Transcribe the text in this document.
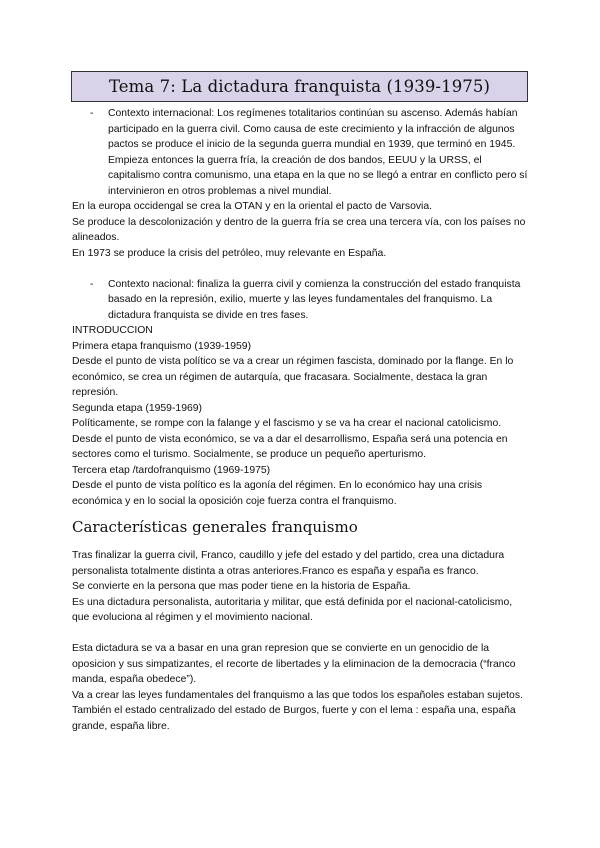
Tema 7: La dictadura franquista (1939-1975)
-	Contexto internacional: Los regímenes totalitarios continúan su ascenso. Además habían participado en la guerra civil. Como causa de este crecimiento y la infracción de algunos pactos se produce el inicio de la segunda guerra mundial en 1939, que terminó en 1945. Empieza entonces la guerra fría, la creación de dos bandos, EEUU y la URSS, el capitalismo contra comunismo, una etapa en la que no se llegó a entrar en conflicto pero sí intervinieron en otros problemas a nivel mundial.

En la europa occidengal se crea la OTAN y en la oriental el pacto de Varsovia.

Se produce la descolonización y dentro de la guerra fría se crea una tercera vía, con los países no alineados.

En 1973 se produce la crisis del petróleo, muy relevante en España.

-	Contexto nacional: finaliza la guerra civil y comienza la construcción del estado franquista basado en la represión, exilio, muerte y las leyes fundamentales del franquismo. La dictadura franquista se divide en tres fases.

INTRODUCCION

Primera etapa franquismo (1939-1959)

Desde el punto de vista político se va a crear un régimen fascista, dominado por la flange. En lo económico, se crea un régimen de autarquía, que fracasara. Socialmente, destaca la gran represión.

Segunda etapa (1959-1969)

Políticamente, se rompe con la falange y el fascismo y se va ha crear el nacional catolicismo. Desde el punto de vista económico, se va a dar el desarrollismo, España será una potencia en sectores como el turismo. Socialmente, se produce un pequeño aperturismo.

Tercera etap /tardofranquismo (1969-1975)

Desde el punto de vista político es la agonía del régimen. En lo económico hay una crisis económica y en lo social la oposición coje fuerza contra el franquismo.

Características generales franquismo

Tras finalizar la guerra civil, Franco, caudillo y jefe del estado y del partido, crea una dictadura personalista totalmente distinta a otras anteriores.Franco es españa y españa es franco.

Se convierte en la persona que mas poder tiene en la historia de España.

Es una dictadura personalista, autoritaria y militar, que está definida por el nacional-catolicismo, que evoluciona al régimen y el movimiento nacional.

Esta dictadura se va a basar en una gran represion que se convierte en un genocidio de la oposicion y sus simpatizantes, el recorte de libertades y la eliminacion de la democracia (“franco manda, españa obedece”).

Va a crear las leyes fundamentales del franquismo a las que todos los españoles estaban sujetos. También el estado centralizado del estado de Burgos, fuerte y con el lema : españa una, españa grande, españa libre.
